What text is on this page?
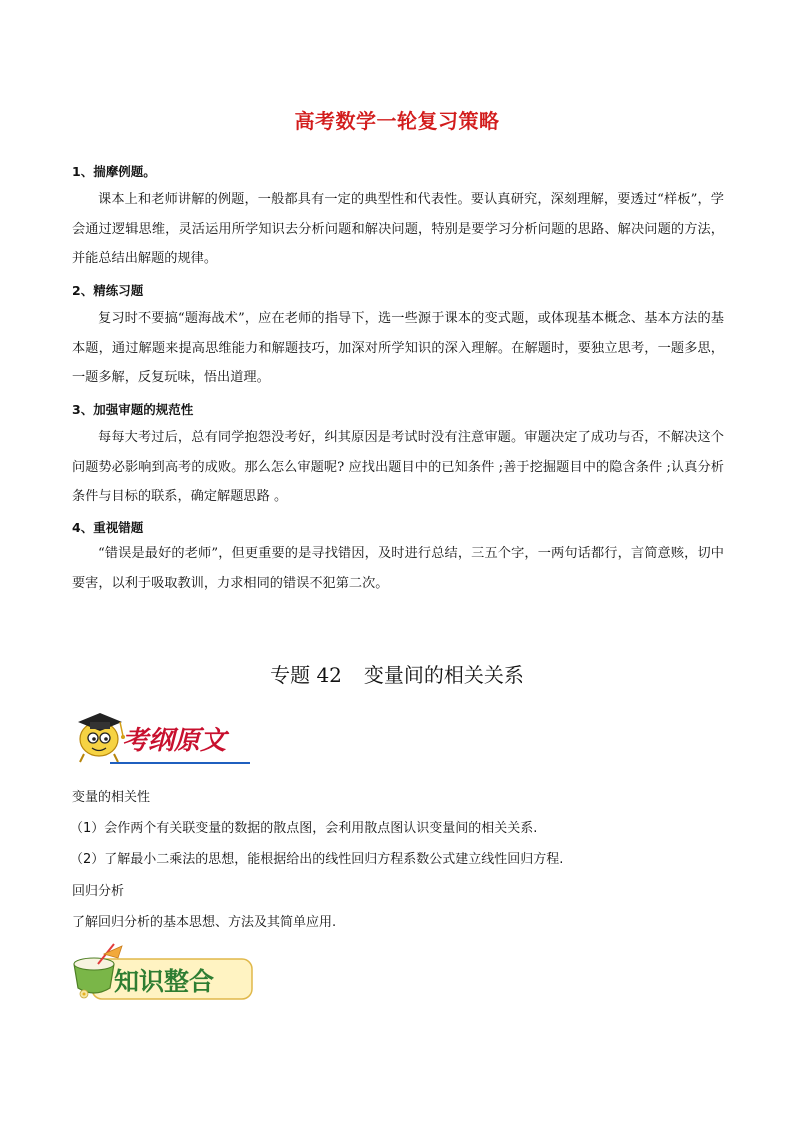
高考数学一轮复习策略
1、揣摩例题。
课本上和老师讲解的例题，一般都具有一定的典型性和代表性。要认真研究，深刻理解，要透过“样板”，学会通过逻辑思维，灵活运用所学知识去分析问题和解决问题，特别是要学习分析问题的思路、解决问题的方法，并能总结出解题的规律。
2、精练习题
复习时不要搞“题海战术”，应在老师的指导下，选一些源于课本的变式题，或体现基本概念、基本方法的基本题，通过解题来提高思维能力和解题技巧，加深对所学知识的深入理解。在解题时，要独立思考，一题多思，一题多解，反复玩味，悟出道理。
3、加强审题的规范性
每每大考过后，总有同学抱怨没考好，纠其原因是考试时没有注意审题。审题决定了成功与否，不解决这个问题势必影响到高考的成败。那么怎么审题呢? 应找出题目中的已知条件 ;善于挖掘题目中的隐含条件 ;认真分析条件与目标的联系，确定解题思路 。
4、重视错题
“错误是最好的老师”，但更重要的是寻找错因，及时进行总结，三五个字，一两句话都行，言简意赅，切中要害，以利于吸取教训，力求相同的错误不犯第二次。
专题 42 变量间的相关关系
考纲原文
变量的相关性
（1）会作两个有关联变量的数据的散点图，会利用散点图认识变量间的相关关系.
（2）了解最小二乘法的思想，能根据给出的线性回归方程系数公式建立线性回归方程.
回归分析
了解回归分析的基本思想、方法及其简单应用.
知识整合
